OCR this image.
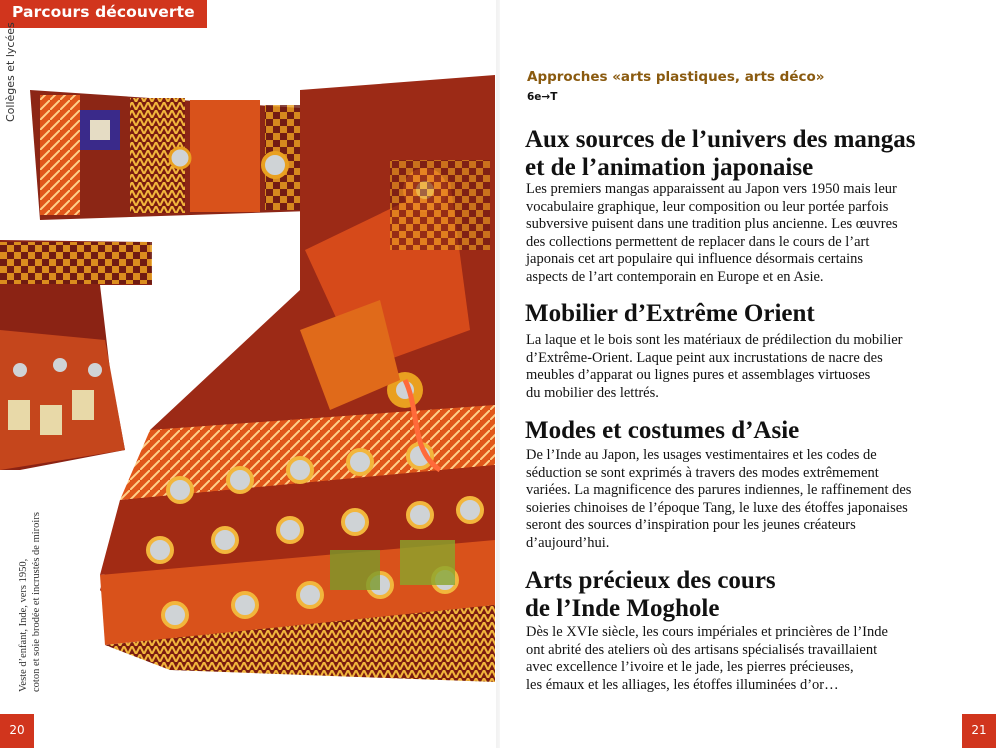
Parcours découverte
Collèges et lycées
Veste d’enfant, Inde, vers 1950, coton et soie brodée et incrustés de miroirs
20
Approches «arts plastiques, arts déco»
6e→T
Aux sources de l’univers des mangas
et de l’animation japonaise
Les premiers mangas apparaissent au Japon vers 1950 mais leur
vocabulaire graphique, leur composition ou leur portée parfois
subversive puisent dans une tradition plus ancienne. Les œuvres
des collections permettent de replacer dans le cours de l’art
japonais cet art populaire qui influence désormais certains
aspects de l’art contemporain en Europe et en Asie.
Mobilier d’Extrême Orient
La laque et le bois sont les matériaux de prédilection du mobilier
d’Extrême-Orient. Laque peint aux incrustations de nacre des
meubles d’apparat ou lignes pures et assemblages virtuoses
du mobilier des lettrés.
Modes et costumes d’Asie
De l’Inde au Japon, les usages vestimentaires et les codes de
séduction se sont exprimés à travers des modes extrêmement
variées. La magnificence des parures indiennes, le raffinement des
soieries chinoises de l’époque Tang, le luxe des étoffes japonaises
seront des sources d’inspiration pour les jeunes créateurs
d’aujourd’hui.
Arts précieux des cours
de l’Inde Moghole
Dès le XVIe siècle, les cours impériales et princières de l’Inde
ont abrité des ateliers où des artisans spécialisés travaillaient
avec excellence l’ivoire et le jade, les pierres précieuses,
les émaux et les alliages, les étoffes illuminées d’or…
21
